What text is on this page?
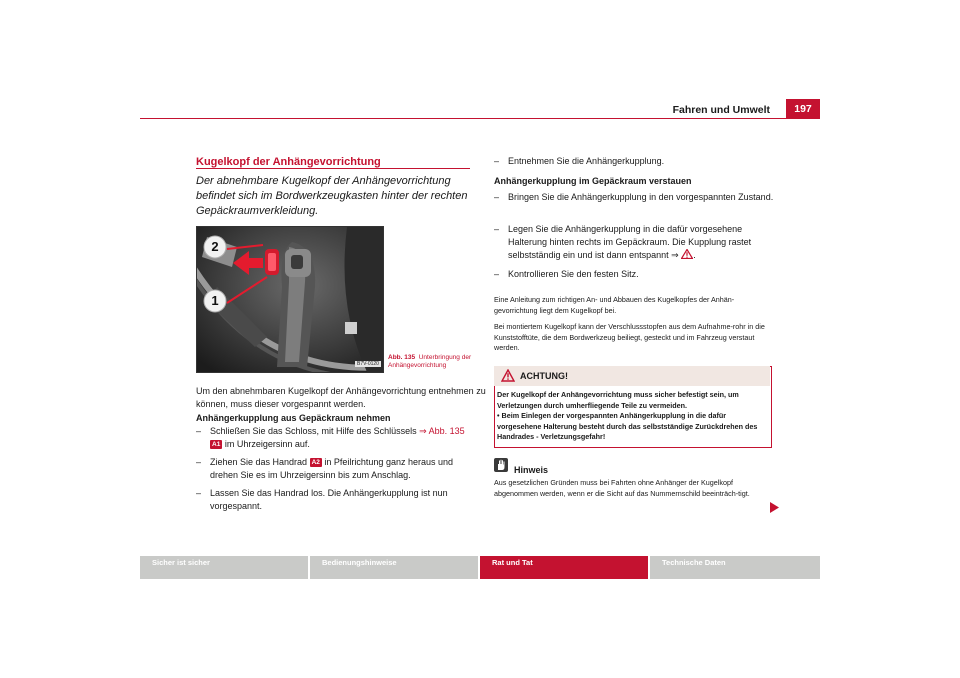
Fahren und Umwelt	197
Kugelkopf der Anhängevorrichtung
Der abnehmbare Kugelkopf der Anhängevorrichtung befindet sich im Bordwerkzeugkasten hinter der rechten Gepäckraumverkleidung.
2
1
B7V-0120
Abb. 135 Unterbringung der Anhängevorrichtung
Um den abnehmbaren Kugelkopf der Anhängevorrichtung entnehmen zu können, muss dieser vorgespannt werden.
Anhängerkupplung aus Gepäckraum nehmen
– Schließen Sie das Schloss, mit Hilfe des Schlüssels ⇒ Abb. 135
A1 im Uhrzeigersinn auf.
– Ziehen Sie das Handrad A2 in Pfeilrichtung ganz heraus und drehen Sie es im Uhrzeigersinn bis zum Anschlag.
– Lassen Sie das Handrad los. Die Anhängerkupplung ist nun vorgespannt.
– Entnehmen Sie die Anhängerkupplung.
Anhängerkupplung im Gepäckraum verstauen
– Bringen Sie die Anhängerkupplung in den vorgespannten Zustand.
– Legen Sie die Anhängerkupplung in die dafür vorgesehene Halterung hinten rechts im Gepäckraum. Die Kupplung rastet selbstständig ein und ist dann entspannt ⇒ .
– Kontrollieren Sie den festen Sitz.
Eine Anleitung zum richtigen An- und Abbauen des Kugelkopfes der Anhän-gevorrichtung liegt dem Kugelkopf bei.
Bei montiertem Kugelkopf kann der Verschlussstopfen aus dem Aufnahme-rohr in die Kunststofftüte, die dem Bordwerkzeug beiliegt, gesteckt und im Fahrzeug verstaut werden.
ACHTUNG!
Der Kugelkopf der Anhängevorrichtung muss sicher befestigt sein, um Verletzungen durch umherfliegende Teile zu vermeiden.
• Beim Einlegen der vorgespannten Anhängerkupplung in die dafür vorgesehene Halterung besteht durch das selbstständige Zurückdrehen des Handrades - Verletzungsgefahr!
Hinweis
Aus gesetzlichen Gründen muss bei Fahrten ohne Anhänger der Kugelkopf abgenommen werden, wenn er die Sicht auf das Nummernschild beeinträch-tigt.
Sicher ist sicher	Bedienungshinweise	Rat und Tat	Technische Daten
